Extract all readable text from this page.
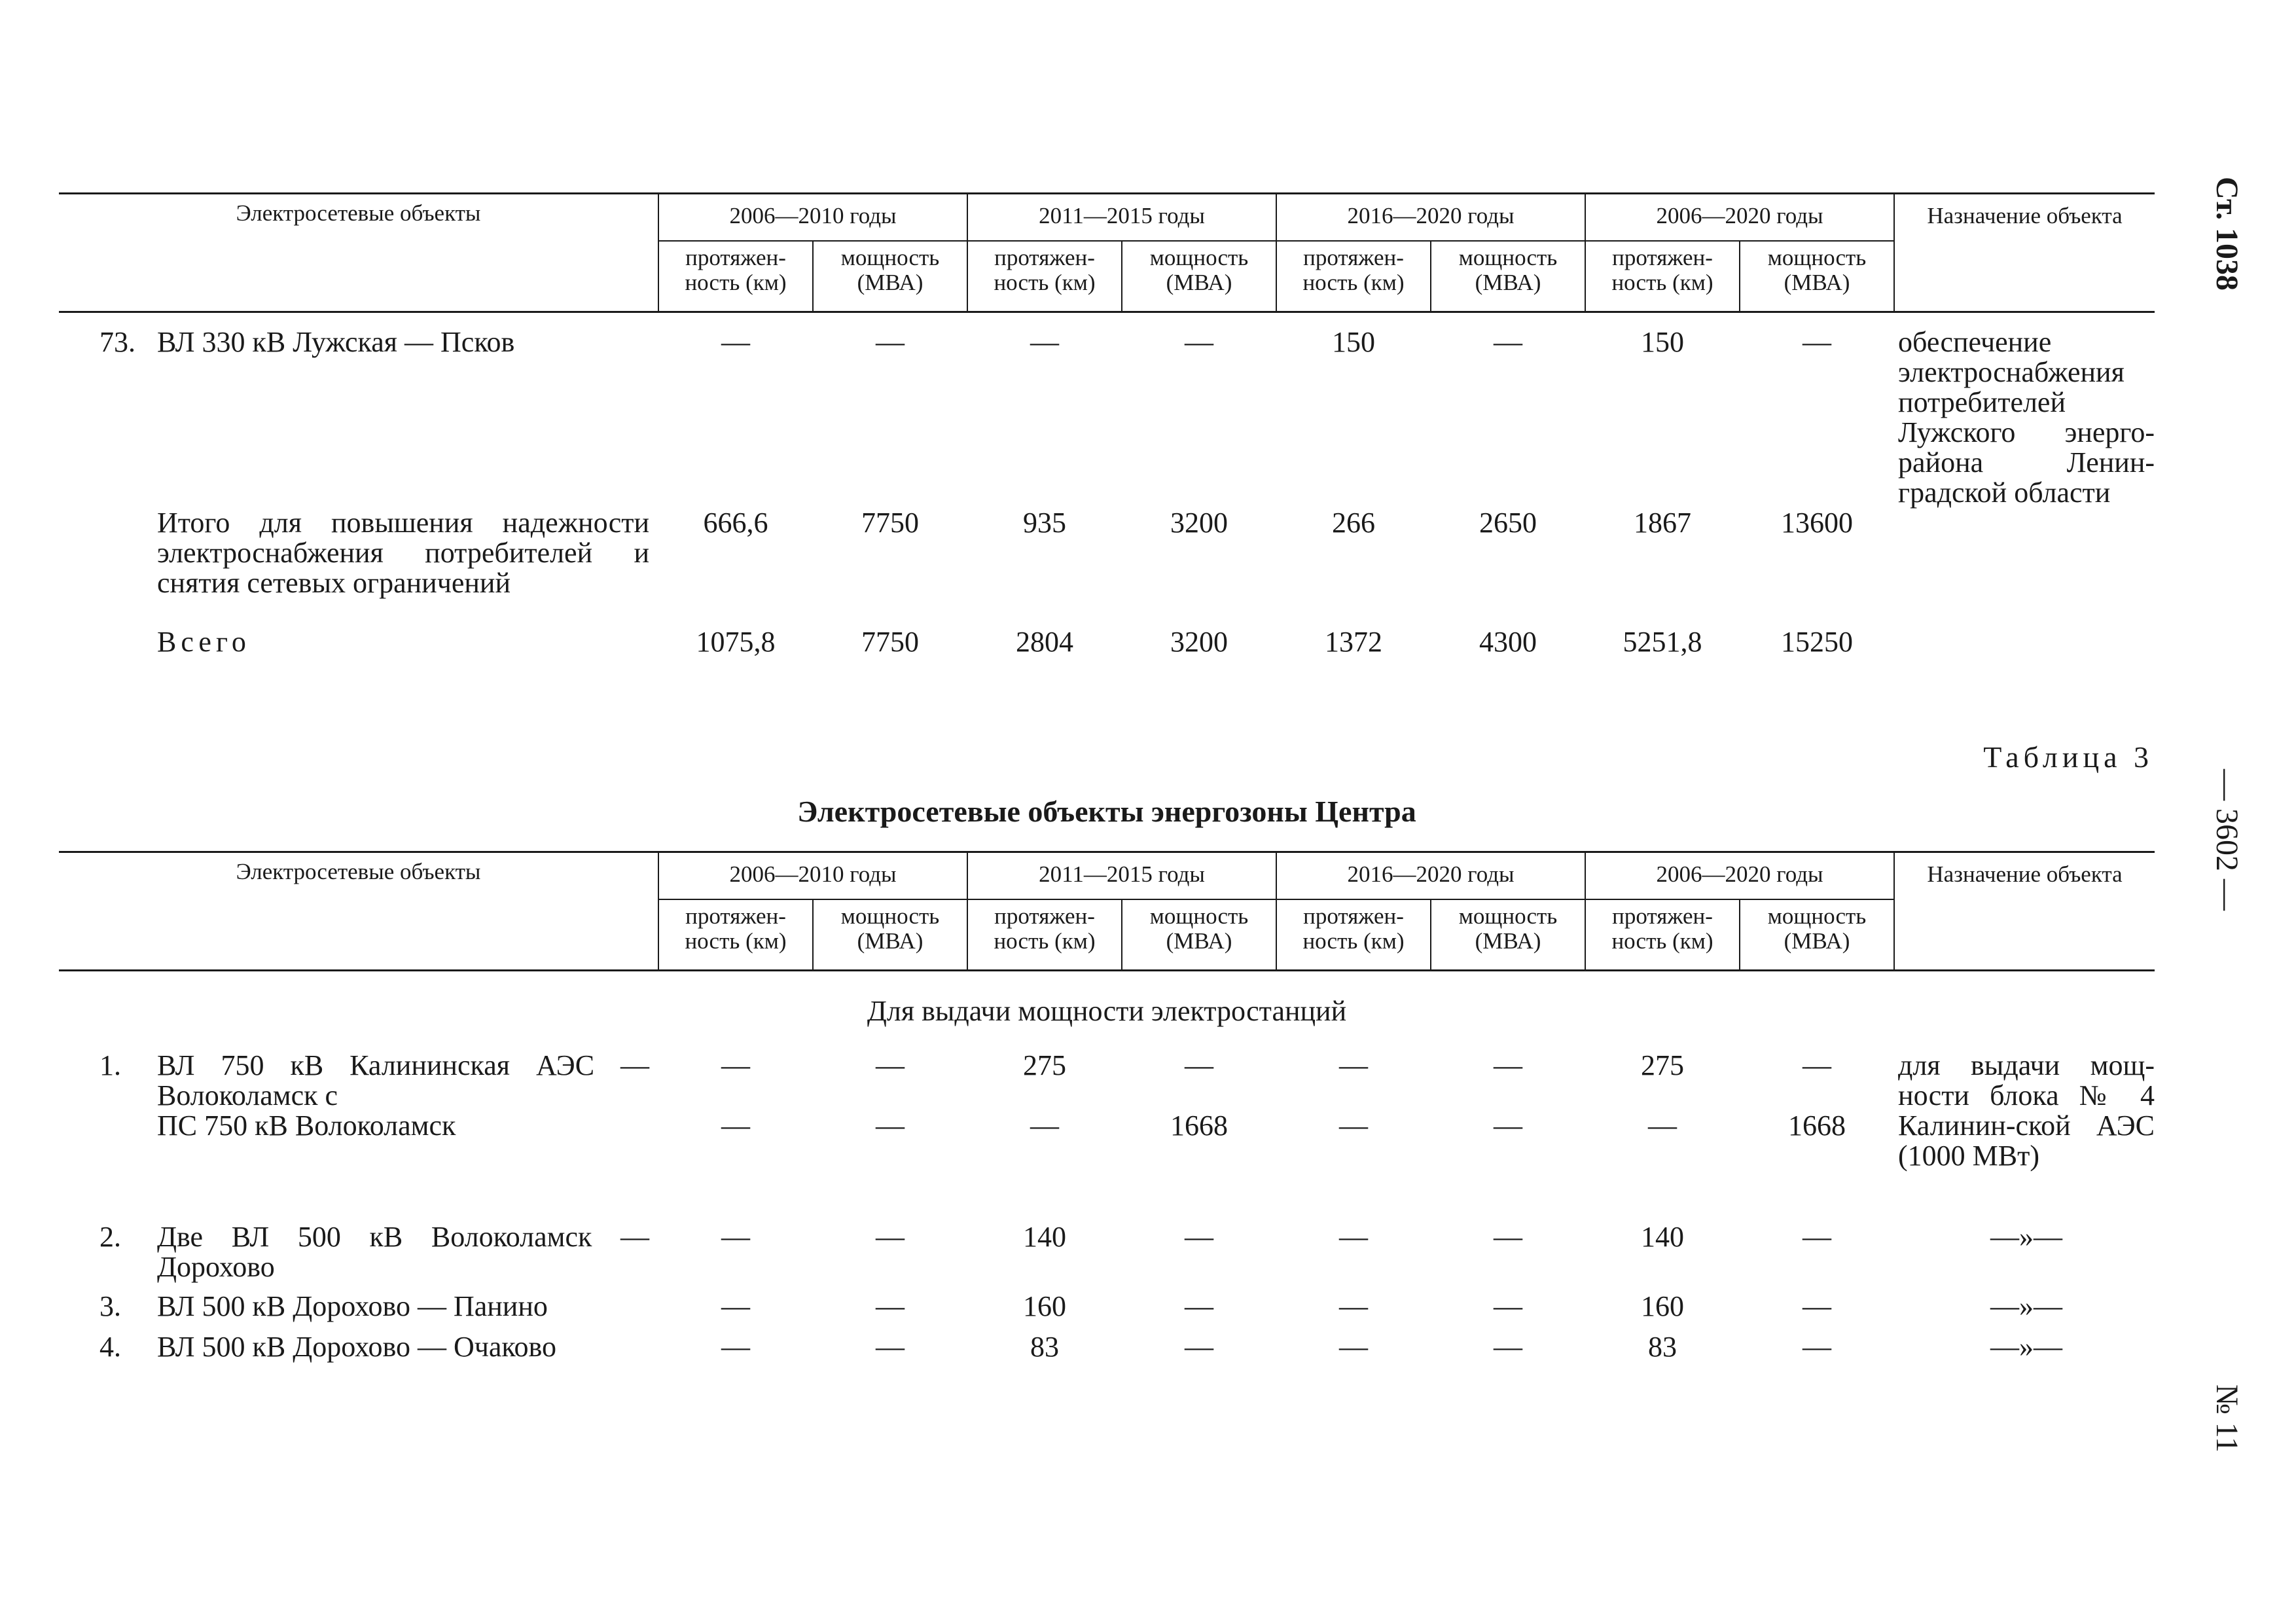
Ст. 1038
— 3602 —
№ 11
Электросетевые объекты		2006—2010 годы		2011—2015 годы		2016—2020 годы		2006—2020 годы		Назначение объекта
		протяжен-ность (км)	мощность (МВА)	протяжен-ность (км)	мощность (МВА)	протяжен-ность (км)	мощность (МВА)	протяжен-ность (км)	мощность (МВА)	
73.	ВЛ 330 кВ Лужская — Псков	—	—	—	—	150	—	150	—	обеспечение электроснабжения потребителей Лужского энерго-района Ленин-градской области
	Итого для повышения надежности электроснабжения потребителей и снятия сетевых ограничений	666,6	7750	935	3200	266	2650	1867	13600	
	Всего	1075,8	7750	2804	3200	1372	4300	5251,8	15250	
Таблица 3
Электросетевые объекты энергозоны Центра
Электросетевые объекты		2006—2010 годы		2011—2015 годы		2016—2020 годы		2006—2020 годы		Назначение объекта
		протяжен-ность (км)	мощность (МВА)	протяжен-ность (км)	мощность (МВА)	протяжен-ность (км)	мощность (МВА)	протяжен-ность (км)	мощность (МВА)	
Для выдачи мощности электростанций										
1.	ВЛ 750 кВ Калининская АЭС — Волоколамск с	—	—	275	—	—	—	275	—	для выдачи мощ-ности блока № 4 Калинин-ской АЭС (1000 МВт)
	ПС 750 кВ Волоколамск	—	—	—	1668	—	—	—	1668	
2.	Две ВЛ 500 кВ Волоколамск — Дорохово	—	—	140	—	—	—	140	—	—»—
3.	ВЛ 500 кВ Дорохово — Панино	—	—	160	—	—	—	160	—	—»—
4.	ВЛ 500 кВ Дорохово — Очаково	—	—	83	—	—	—	83	—	—»—
